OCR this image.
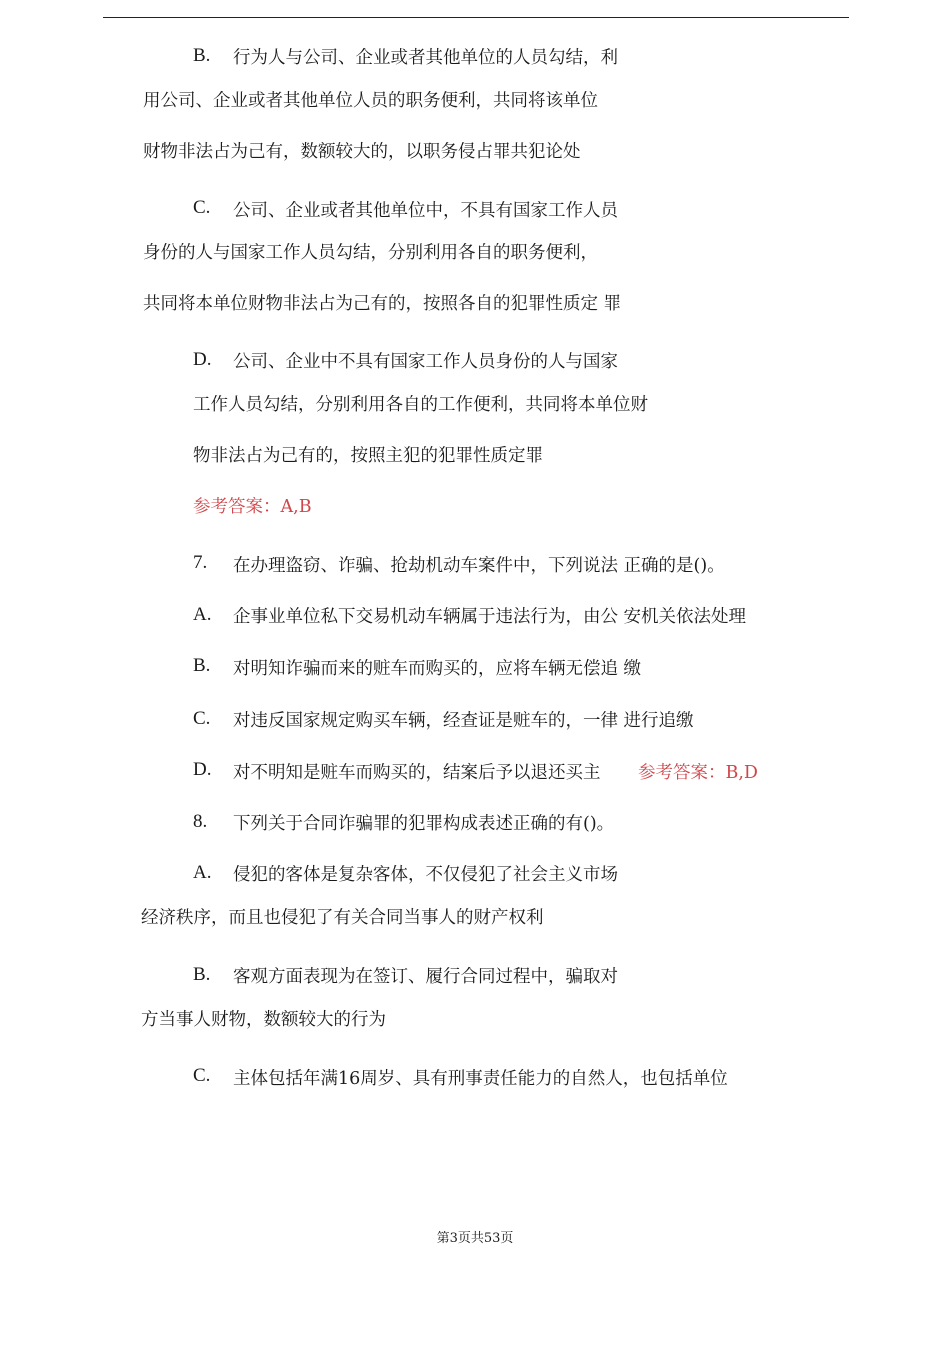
B. 行为人与公司、企业或者其他单位的人员勾结，利
用公司、企业或者其他单位人员的职务便利，共同将该单位
财物非法占为己有，数额较大的，以职务侵占罪共犯论处
C. 公司、企业或者其他单位中，不具有国家工作人员
身份的人与国家工作人员勾结，分别利用各自的职务便利，
共同将本单位财物非法占为己有的，按照各自的犯罪性质定 罪
D. 公司、企业中不具有国家工作人员身份的人与国家
工作人员勾结，分别利用各自的工作便利，共同将本单位财
物非法占为己有的，按照主犯的犯罪性质定罪
参考答案：A,B
7. 在办理盗窃、诈骗、抢劫机动车案件中，下列说法 正确的是()。
A. 企事业单位私下交易机动车辆属于违法行为，由公 安机关依法处理
B. 对明知诈骗而来的赃车而购买的，应将车辆无偿追 缴
C. 对违反国家规定购买车辆，经查证是赃车的，一律 进行追缴
D. 对不明知是赃车而购买的，结案后予以退还买主 参考答案：B,D
8. 下列关于合同诈骗罪的犯罪构成表述正确的有()。
A. 侵犯的客体是复杂客体，不仅侵犯了社会主义市场
经济秩序，而且也侵犯了有关合同当事人的财产权利
B. 客观方面表现为在签订、履行合同过程中，骗取对
方当事人财物，数额较大的行为
C. 主体包括年满16周岁、具有刑事责任能力的自然人，也包括单位
第3页共53页
